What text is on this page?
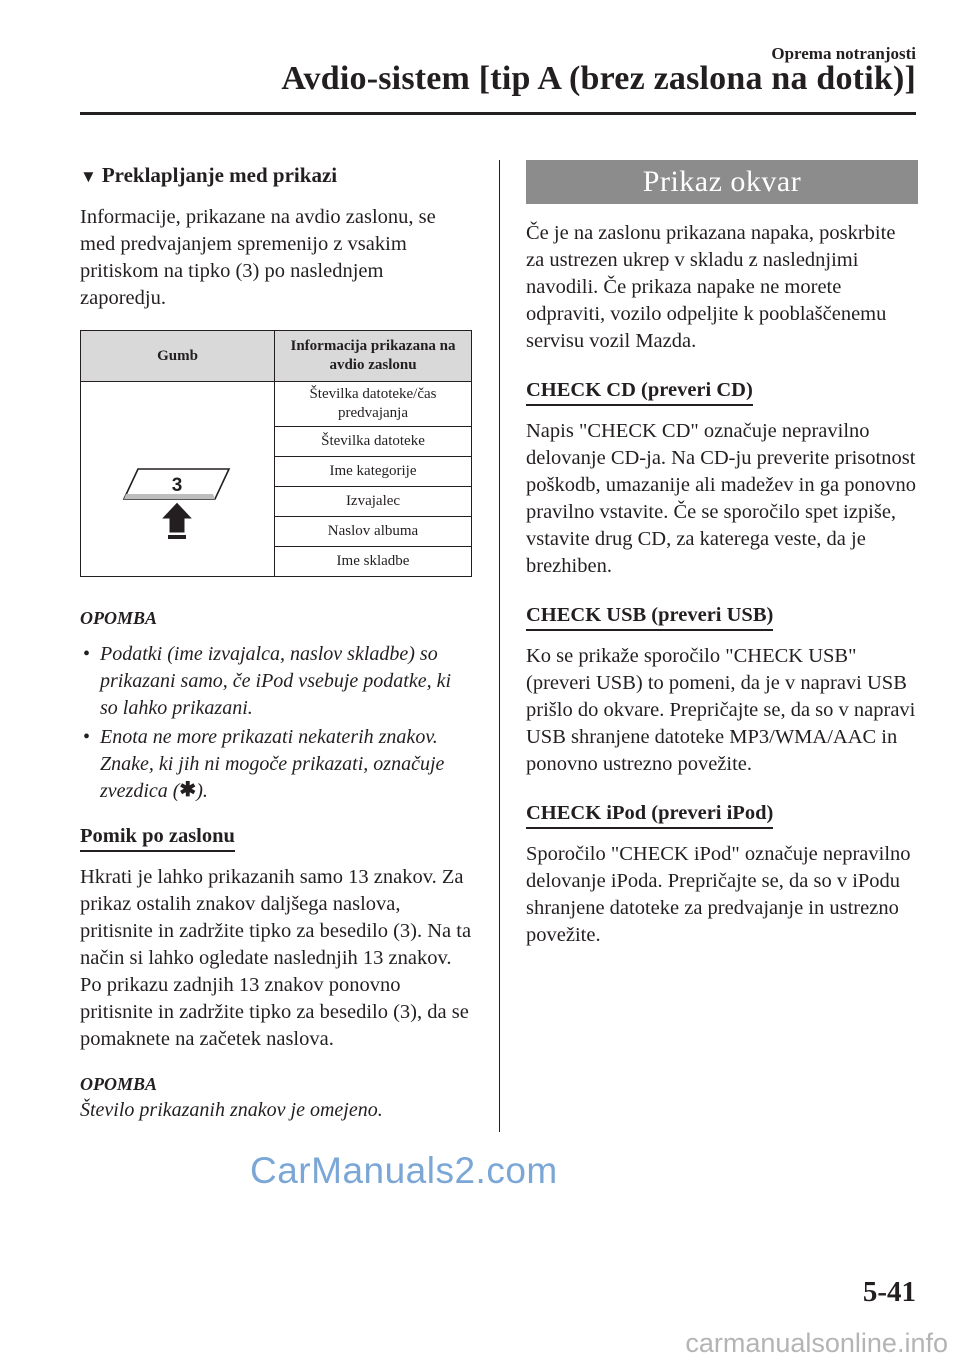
Oprema notranjosti
Avdio-sistem [tip A (brez zaslona na dotik)]
▼ Preklapljanje med prikazi

Informacije, prikazane na avdio zaslonu, se med predvajanjem spremenijo z vsakim pritiskom na tipko (3) po naslednjem zaporedju.

Gumb	Informacija prikazana na avdio zaslonu

3	Številka datoteke/čas predvajanja
	Številka datoteke
	Ime kategorije
	Izvajalec
	Naslov albuma
	Ime skladbe
OPOMBA
• Podatki (ime izvajalca, naslov skladbe) so prikazani samo, če iPod vsebuje podatke, ki so lahko prikazani.
• Enota ne more prikazati nekaterih znakov. Znake, ki jih ni mogoče prikazati, označuje zvezdica (✱).
Pomik po zaslonu

Hkrati je lahko prikazanih samo 13 znakov. Za prikaz ostalih znakov daljšega naslova, pritisnite in zadržite tipko za besedilo (3). Na ta način si lahko ogledate naslednjih 13 znakov. Po prikazu zadnjih 13 znakov ponovno pritisnite in zadržite tipko za besedilo (3), da se pomaknete na začetek naslova.

OPOMBA

Število prikazanih znakov je omejeno.

Prikaz okvar

Če je na zaslonu prikazana napaka, poskrbite za ustrezen ukrep v skladu z naslednjimi navodili. Če prikaza napake ne morete odpraviti, vozilo odpeljite k pooblaščenemu servisu vozil Mazda.

CHECK CD (preveri CD)

Napis "CHECK CD" označuje nepravilno delovanje CD-ja. Na CD-ju preverite prisotnost poškodb, umazanije ali madežev in ga ponovno pravilno vstavite. Če se sporočilo spet izpiše, vstavite drug CD, za katerega veste, da je brezhiben.

CHECK USB (preveri USB)

Ko se prikaže sporočilo "CHECK USB" (preveri USB) to pomeni, da je v napravi USB prišlo do okvare. Prepričajte se, da so v napravi USB shranjene datoteke MP3/WMA/AAC in ponovno ustrezno povežite.

CHECK iPod (preveri iPod)

Sporočilo "CHECK iPod" označuje nepravilno delovanje iPoda. Prepričajte se, da so v iPodu shranjene datoteke za predvajanje in ustrezno povežite.

CarManuals2.com
5-41
carmanualsonline.info
